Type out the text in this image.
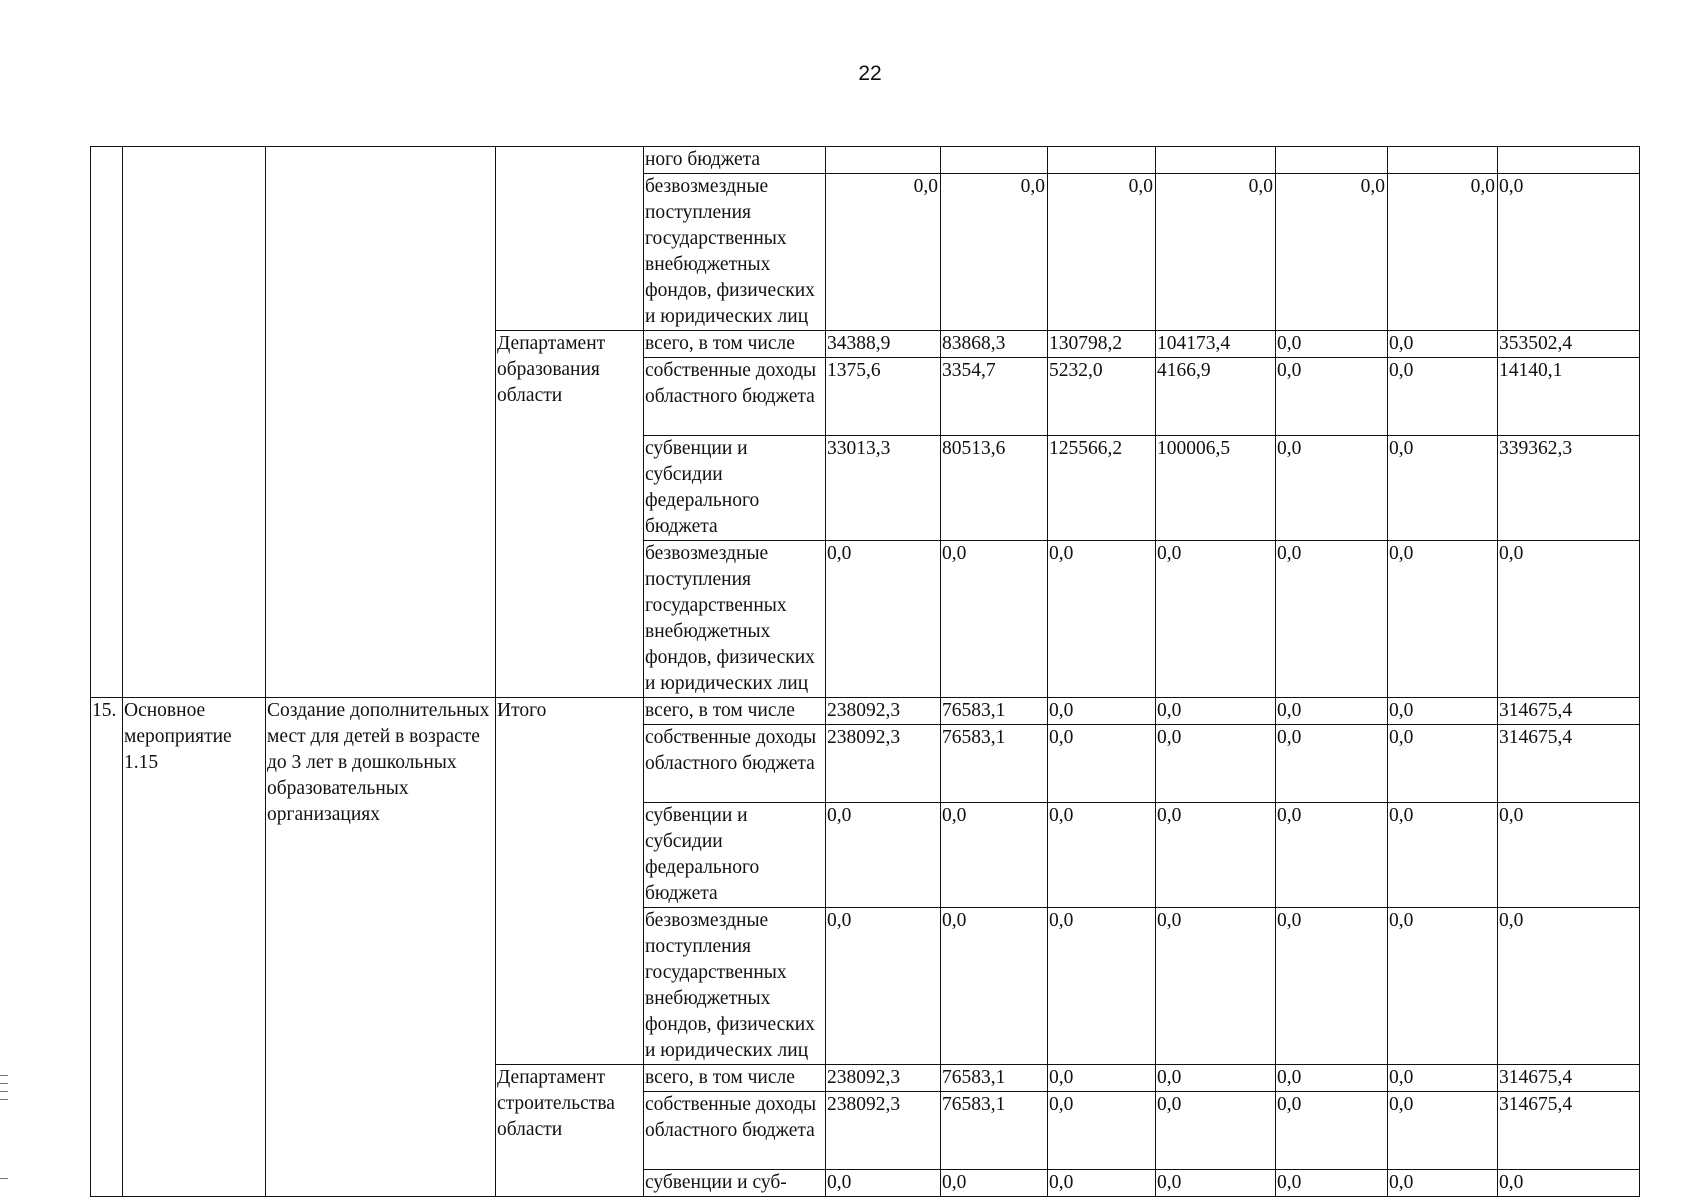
22
				ного бюджета							
				безвозмездные поступления государственных внебюджетных фондов, физических и юридических лиц	0,0	0,0	0,0	0,0	0,0	0,0	0,0
			Департамент образования области	всего, в том числе	34388,9	83868,3	130798,2	104173,4	0,0	0,0	353502,4
				собственные доходы областного бюджета	1375,6	3354,7	5232,0	4166,9	0,0	0,0	14140,1
				субвенции и субсидии федерального бюджета	33013,3	80513,6	125566,2	100006,5	0,0	0,0	339362,3
				безвозмездные поступления государственных внебюджетных фондов, физических и юридических лиц	0,0	0,0	0,0	0,0	0,0	0,0	0,0
15.	Основное мероприятие 1.15	Создание дополнительных мест для детей в возрасте до 3 лет в дошкольных образовательных организациях	Итого	всего, в том числе	238092,3	76583,1	0,0	0,0	0,0	0,0	314675,4
				собственные доходы областного бюджета	238092,3	76583,1	0,0	0,0	0,0	0,0	314675,4
				субвенции и субсидии федерального бюджета	0,0	0,0	0,0	0,0	0,0	0,0	0,0
				безвозмездные поступления государственных внебюджетных фондов, физических и юридических лиц	0,0	0,0	0,0	0,0	0,0	0,0	0,0
			Департамент строительства области	всего, в том числе	238092,3	76583,1	0,0	0,0	0,0	0,0	314675,4
				собственные доходы областного бюджета	238092,3	76583,1	0,0	0,0	0,0	0,0	314675,4
				субвенции и суб-	0,0	0,0	0,0	0,0	0,0	0,0	0,0
